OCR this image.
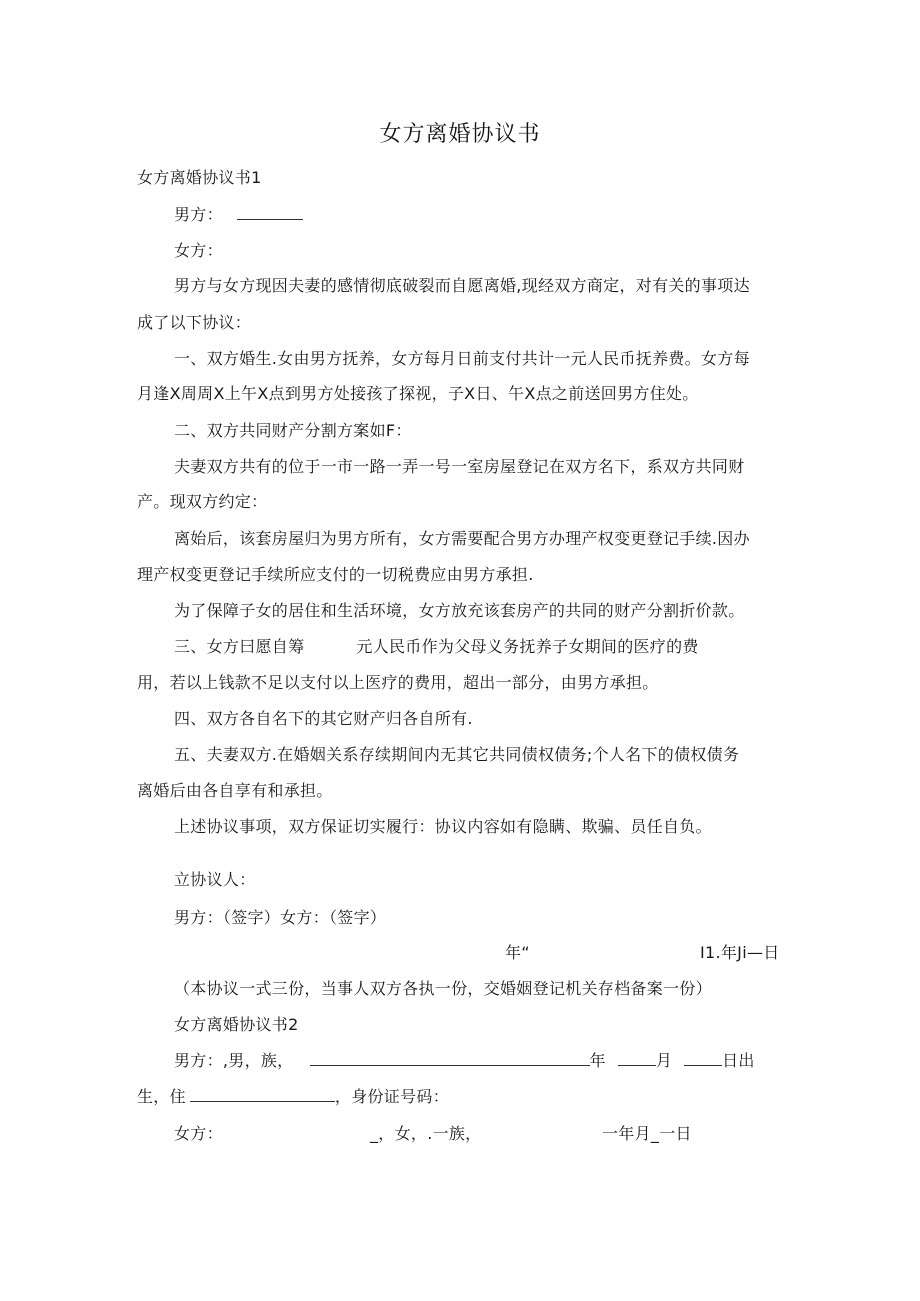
女方离婚协议书
女方离婚协议书1
男方：
女方：
男方与女方现因夫妻的感情彻底破裂而自愿离婚,现经双方商定，对有关的事项达
成了以下协议：
一、双方婚生.女由男方抚养，女方每月日前支付共计一元人民币抚养费。女方每
月逢X周周X上午X点到男方处接孩了探视，子X日、午X点之前送回男方住处。
二、双方共同财产分割方案如F：
夫妻双方共有的位于一市一路一弄一号一室房屋登记在双方名下，系双方共同财
产。现双方约定：
离始后，该套房屋归为男方所有，女方需要配合男方办理产权变更登记手续.因办
理产权变更登记手续所应支付的一切税费应由男方承担.
为了保障子女的居住和生活环境，女方放充该套房产的共同的财产分割折价款。
三、女方曰愿自筹	元人民币作为父母义务抚养子女期间的医疗的费
用，若以上钱款不足以支付以上医疗的费用，超出一部分，由男方承担。
四、双方各自名下的其它财产归各自所有.
五、夫妻双方.在婚姻关系存续期间内无其它共同债权债务;个人名下的债权债务
离婚后由各自享有和承担。
上述协议事项，双方保证切实履行：协议内容如有隐瞒、欺骗、员任自负。
立协议人：
男方：（签字）女方：（签字）
年“	I1.年Ji—日
（本协议一式三份，当事人双方各执一份，交婚姻登记机关存档备案一份）
女方离婚协议书2
男方：,男，族，	年	月	日出
生，住	，身份证号码：
女方：	_，女，.一族，	一年月_一日
